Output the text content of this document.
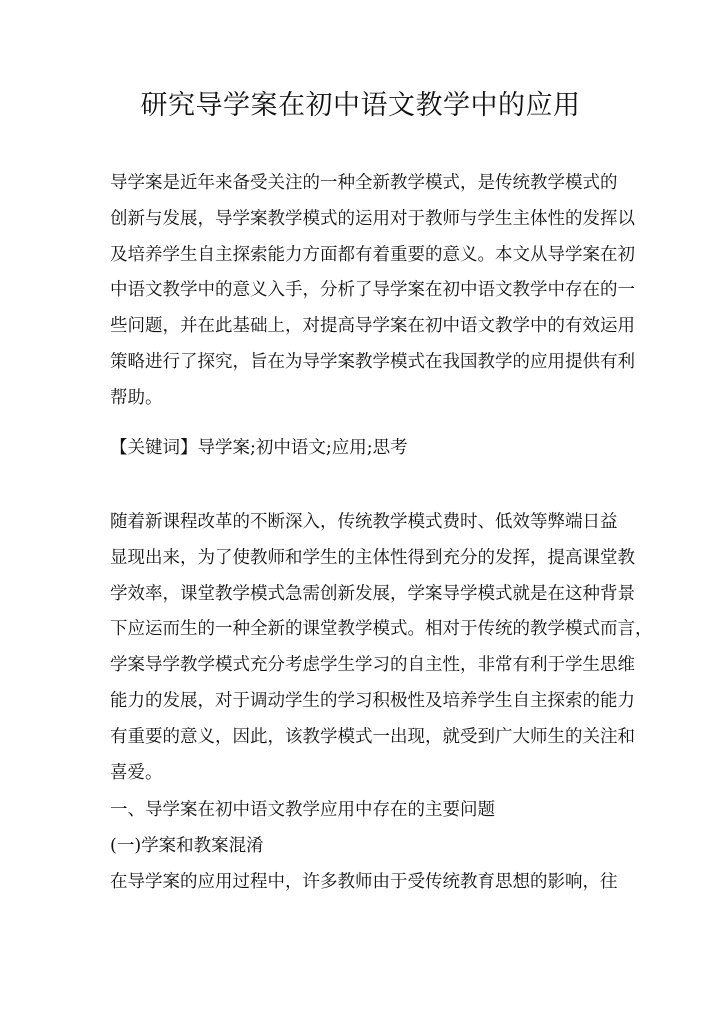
研究导学案在初中语文教学中的应用
导学案是近年来备受关注的一种全新教学模式，是传统教学模式的
创新与发展，导学案教学模式的运用对于教师与学生主体性的发挥以
及培养学生自主探索能力方面都有着重要的意义。本文从导学案在初
中语文教学中的意义入手，分析了导学案在初中语文教学中存在的一
些问题，并在此基础上，对提高导学案在初中语文教学中的有效运用
策略进行了探究，旨在为导学案教学模式在我国教学的应用提供有利
帮助。
【关键词】导学案;初中语文;应用;思考
随着新课程改革的不断深入，传统教学模式费时、低效等弊端日益
显现出来，为了使教师和学生的主体性得到充分的发挥，提高课堂教
学效率，课堂教学模式急需创新发展，学案导学模式就是在这种背景
下应运而生的一种全新的课堂教学模式。相对于传统的教学模式而言，
学案导学教学模式充分考虑学生学习的自主性，非常有利于学生思维
能力的发展，对于调动学生的学习积极性及培养学生自主探索的能力
有重要的意义，因此，该教学模式一出现，就受到广大师生的关注和
喜爱。
一、导学案在初中语文教学应用中存在的主要问题
(一)学案和教案混淆
在导学案的应用过程中，许多教师由于受传统教育思想的影响，往
